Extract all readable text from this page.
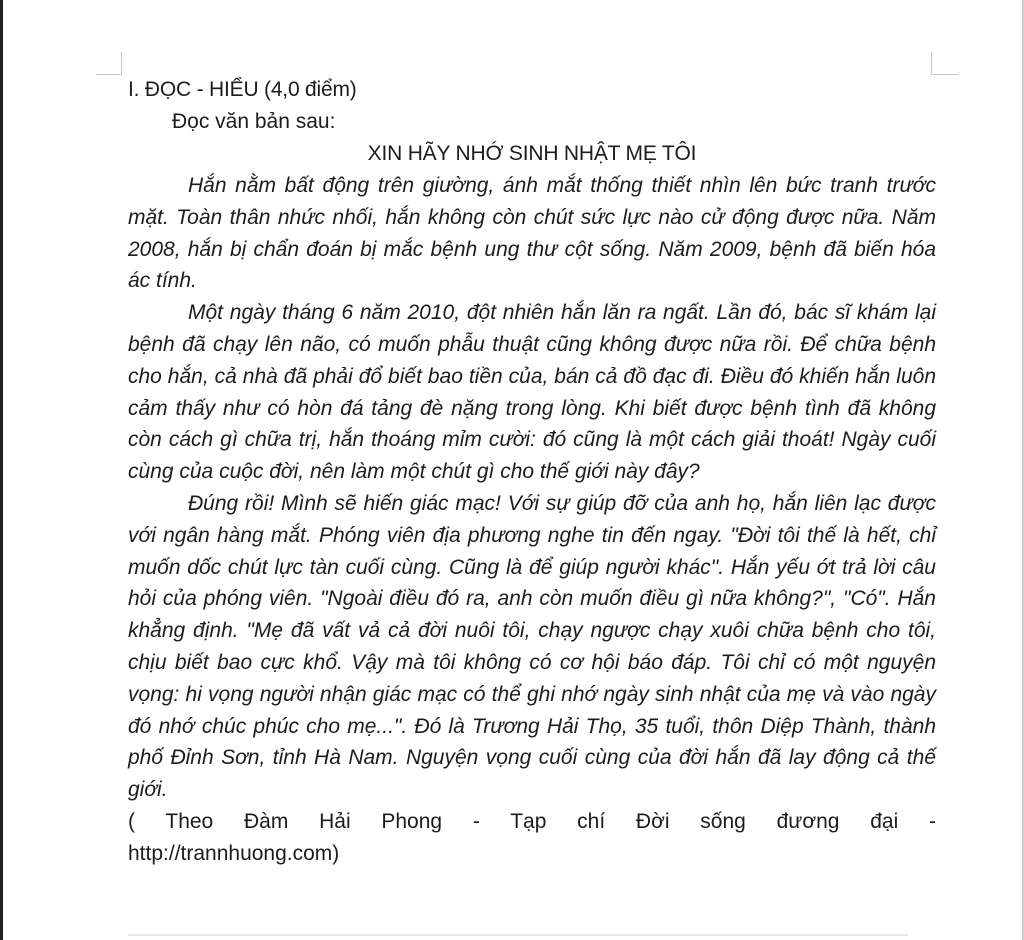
I. ĐỌC - HIỂU (4,0 điểm)

Đọc văn bản sau:

XIN HÃY NHỚ SINH NHẬT MẸ TÔI

Hắn nằm bất động trên giường, ánh mắt thống thiết nhìn lên bức tranh trước mặt. Toàn thân nhức nhối, hắn không còn chút sức lực nào cử động được nữa. Năm 2008, hắn bị chẩn đoán bị mắc bệnh ung thư cột sống. Năm 2009, bệnh đã biến hóa ác tính.

Một ngày tháng 6 năm 2010, đột nhiên hắn lăn ra ngất. Lần đó, bác sĩ khám lại bệnh đã chạy lên não, có muốn phẫu thuật cũng không được nữa rồi. Để chữa bệnh cho hắn, cả nhà đã phải đổ biết bao tiền của, bán cả đồ đạc đi. Điều đó khiến hắn luôn cảm thấy như có hòn đá tảng đè nặng trong lòng. Khi biết được bệnh tình đã không còn cách gì chữa trị, hắn thoáng mỉm cười: đó cũng là một cách giải thoát! Ngày cuối cùng của cuộc đời, nên làm một chút gì cho thế giới này đây?

Đúng rồi! Mình sẽ hiến giác mạc! Với sự giúp đỡ của anh họ, hắn liên lạc được với ngân hàng mắt. Phóng viên địa phương nghe tin đến ngay. "Đời tôi thế là hết, chỉ muốn dốc chút lực tàn cuối cùng. Cũng là để giúp người khác". Hắn yếu ớt trả lời câu hỏi của phóng viên. "Ngoài điều đó ra, anh còn muốn điều gì nữa không?", "Có". Hắn khẳng định. "Mẹ đã vất vả cả đời nuôi tôi, chạy ngược chạy xuôi chữa bệnh cho tôi, chịu biết bao cực khổ. Vậy mà tôi không có cơ hội báo đáp. Tôi chỉ có một nguyện vọng: hi vọng người nhận giác mạc có thể ghi nhớ ngày sinh nhật của mẹ và vào ngày đó nhớ chúc phúc cho mẹ...". Đó là Trương Hải Thọ, 35 tuổi, thôn Diệp Thành, thành phố Đỉnh Sơn, tỉnh Hà Nam. Nguyện vọng cuối cùng của đời hắn đã lay động cả thế giới.

( Theo Đàm Hải Phong - Tạp chí Đời sống đương đại -

http://trannhuong.com)
